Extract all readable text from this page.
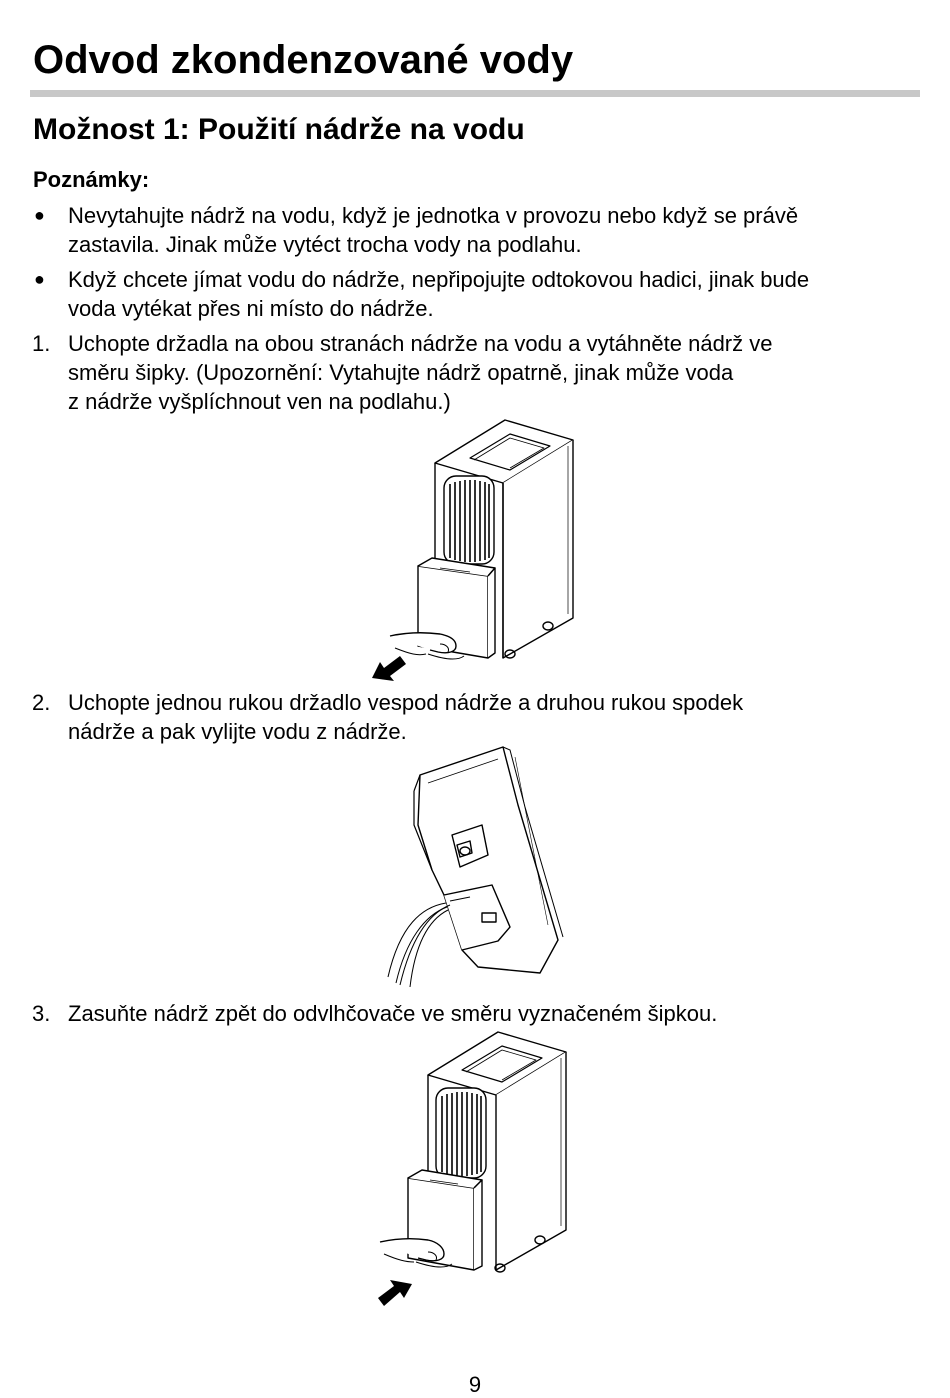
Odvod zkondenzované vody
Možnost 1: Použití nádrže na vodu
Poznámky:
●	Nevytahujte nádrž na vodu, když je jednotka v provozu nebo když se právě
zastavila. Jinak může vytéct trocha vody na podlahu.
●	Když chcete jímat vodu do nádrže, nepřipojujte odtokovou hadici, jinak bude
voda vytékat přes ni místo do nádrže.
1. Uchopte držadla na obou stranách nádrže na vodu a vytáhněte nádrž ve
směru šipky. (Upozornění: Vytahujte nádrž opatrně, jinak může voda
z nádrže vyšplíchnout ven na podlahu.)
2. Uchopte jednou rukou držadlo vespod nádrže a druhou rukou spodek
nádrže a pak vylijte vodu z nádrže.
3. Zasuňte nádrž zpět do odvlhčovače ve směru vyznačeném šipkou.
9
